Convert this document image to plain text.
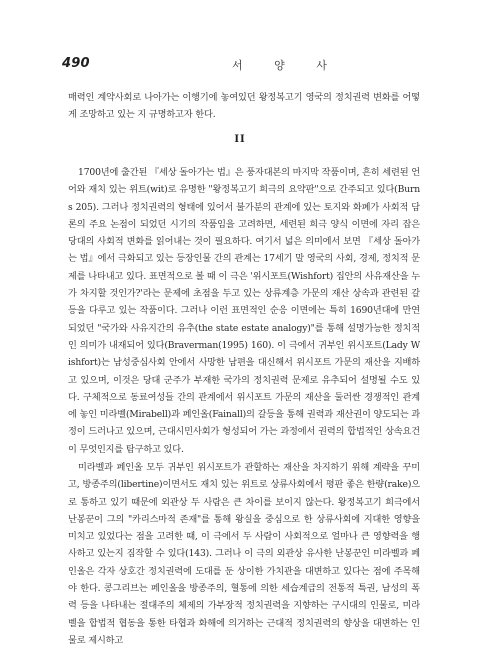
490	서 양 사

매력인 계약사회로 나아가는 이행기에 놓여있던 왕정복고기 영국의 정치권력 변화를 어떻게 조망하고 있는 지 규명하고자 한다.

II

1700년에 출간된 『세상 돌아가는 법』은 풍자대본의 마지막 작품이며, 흔히 세련된 언어와 재치 있는 위트(wit)로 유명한 "왕정복고기 희극의 요약판"으로 간주되고 있다(Burns 205). 그러나 정치권력의 형태에 있어서 불가분의 관계에 있는 토지와 화폐가 사회적 담론의 주요 논점이 되었던 시기의 작품임을 고려하면, 세련된 희극 양식 이면에 자리 잡은 당대의 사회적 변화를 읽어내는 것이 필요하다. 여기서 넓은 의미에서 보면 『세상 돌아가는 법』에서 극화되고 있는 등장인물 간의 관계는 17세기 말 영국의 사회, 경제, 정치적 문제를 나타내고 있다. 표면적으로 볼 때 이 극은 '위시포트(Wishfort) 집안의 사유재산을 누가 차지할 것인가?'라는 문제에 초점을 두고 있는 상류계층 가문의 재산 상속과 관련된 갈등을 다루고 있는 작품이다. 그러나 이런 표면적인 순응 이면에는 특히 1690년대에 만연되었던 "국가와 사유지간의 유추(the state estate analogy)"를 통해 설명가능한 정치적인 의미가 내재되어 있다(Braverman(1995) 160). 이 극에서 귀부인 위시포트(Lady Wishfort)는 남성중심사회 안에서 사망한 남편을 대신해서 위시포트 가문의 재산을 지배하고 있으며, 이것은 당대 군주가 부재한 국가의 정치권력 문제로 유추되어 설명될 수도 있다. 구체적으로 동료여성들 간의 관계에서 위시포트 가문의 재산을 둘러싼 경쟁적인 관계에 놓인 미라벨(Mirabell)과 페인올(Fainall)의 갈등을 통해 권력과 재산권이 양도되는 과정이 드러나고 있으며, 근대시민사회가 형성되어 가는 과정에서 권력의 합법적인 상속요건이 무엇인지를 탐구하고 있다.

미라벨과 페인올 모두 귀부인 위시포트가 관할하는 재산을 차지하기 위해 계략을 꾸미고, 방종주의(libertine)이면서도 재치 있는 위트로 상류사회에서 평판 좋은 한량(rake)으로 통하고 있기 때문에 외관상 두 사람은 큰 차이를 보이지 않는다. 왕정복고기 희극에서 난봉꾼이 그의 "카리스마적 존재"를 통해 왕실을 중심으로 한 상류사회에 지대한 영향을 미치고 있었다는 점을 고려한 때, 이 극에서 두 사람이 사회적으로 얼마나 큰 영향력을 행사하고 있는지 짐작할 수 있다(143). 그러나 이 극의 외관상 유사한 난봉꾼인 미라벨과 페인올은 각자 상호간 정치권력에 도대를 둔 상이한 가치관을 대변하고 있다는 점에 주목해야 한다. 콩그리브는 페인올을 방종주의, 혈통에 의한 세습계급의 전통적 특권, 남성의 폭력 등을 나타내는 절대주의 체제의 가부장적 정치권력을 지향하는 구시대의 인물로, 미라벨을 합법적 협동을 통한 타협과 화해에 의거하는 근대적 정치권력의 향상을 대변하는 인물로 제시하고
